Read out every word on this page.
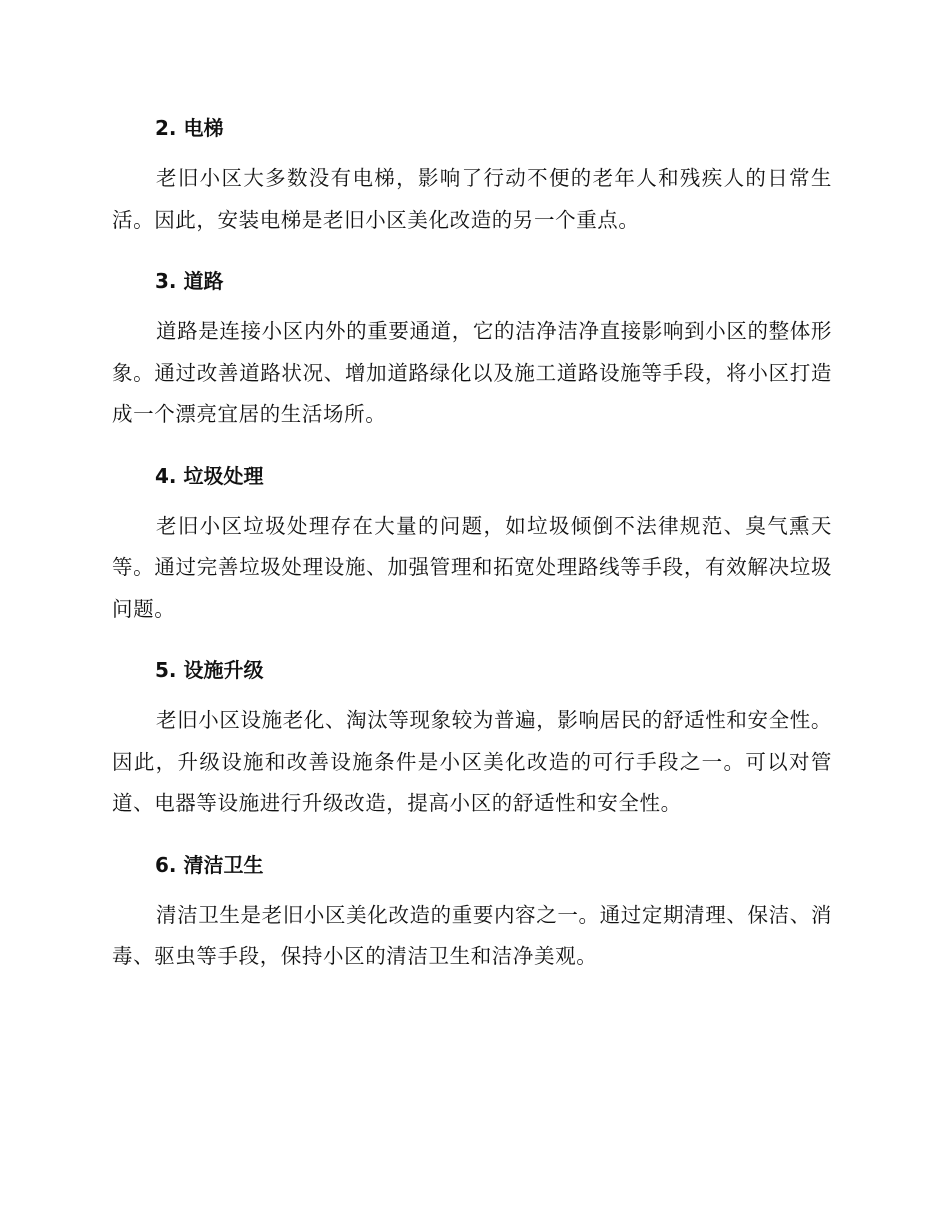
2. 电梯

老旧小区大多数没有电梯，影响了行动不便的老年人和残疾人的日常生活。因此，安装电梯是老旧小区美化改造的另一个重点。

3. 道路

道路是连接小区内外的重要通道，它的洁净洁净直接影响到小区的整体形象。通过改善道路状况、增加道路绿化以及施工道路设施等手段，将小区打造成一个漂亮宜居的生活场所。

4. 垃圾处理

老旧小区垃圾处理存在大量的问题，如垃圾倾倒不法律规范、臭气熏天等。通过完善垃圾处理设施、加强管理和拓宽处理路线等手段，有效解决垃圾问题。

5. 设施升级

老旧小区设施老化、淘汰等现象较为普遍，影响居民的舒适性和安全性。因此，升级设施和改善设施条件是小区美化改造的可行手段之一。可以对管道、电器等设施进行升级改造，提高小区的舒适性和安全性。

6. 清洁卫生

清洁卫生是老旧小区美化改造的重要内容之一。通过定期清理、保洁、消毒、驱虫等手段，保持小区的清洁卫生和洁净美观。
